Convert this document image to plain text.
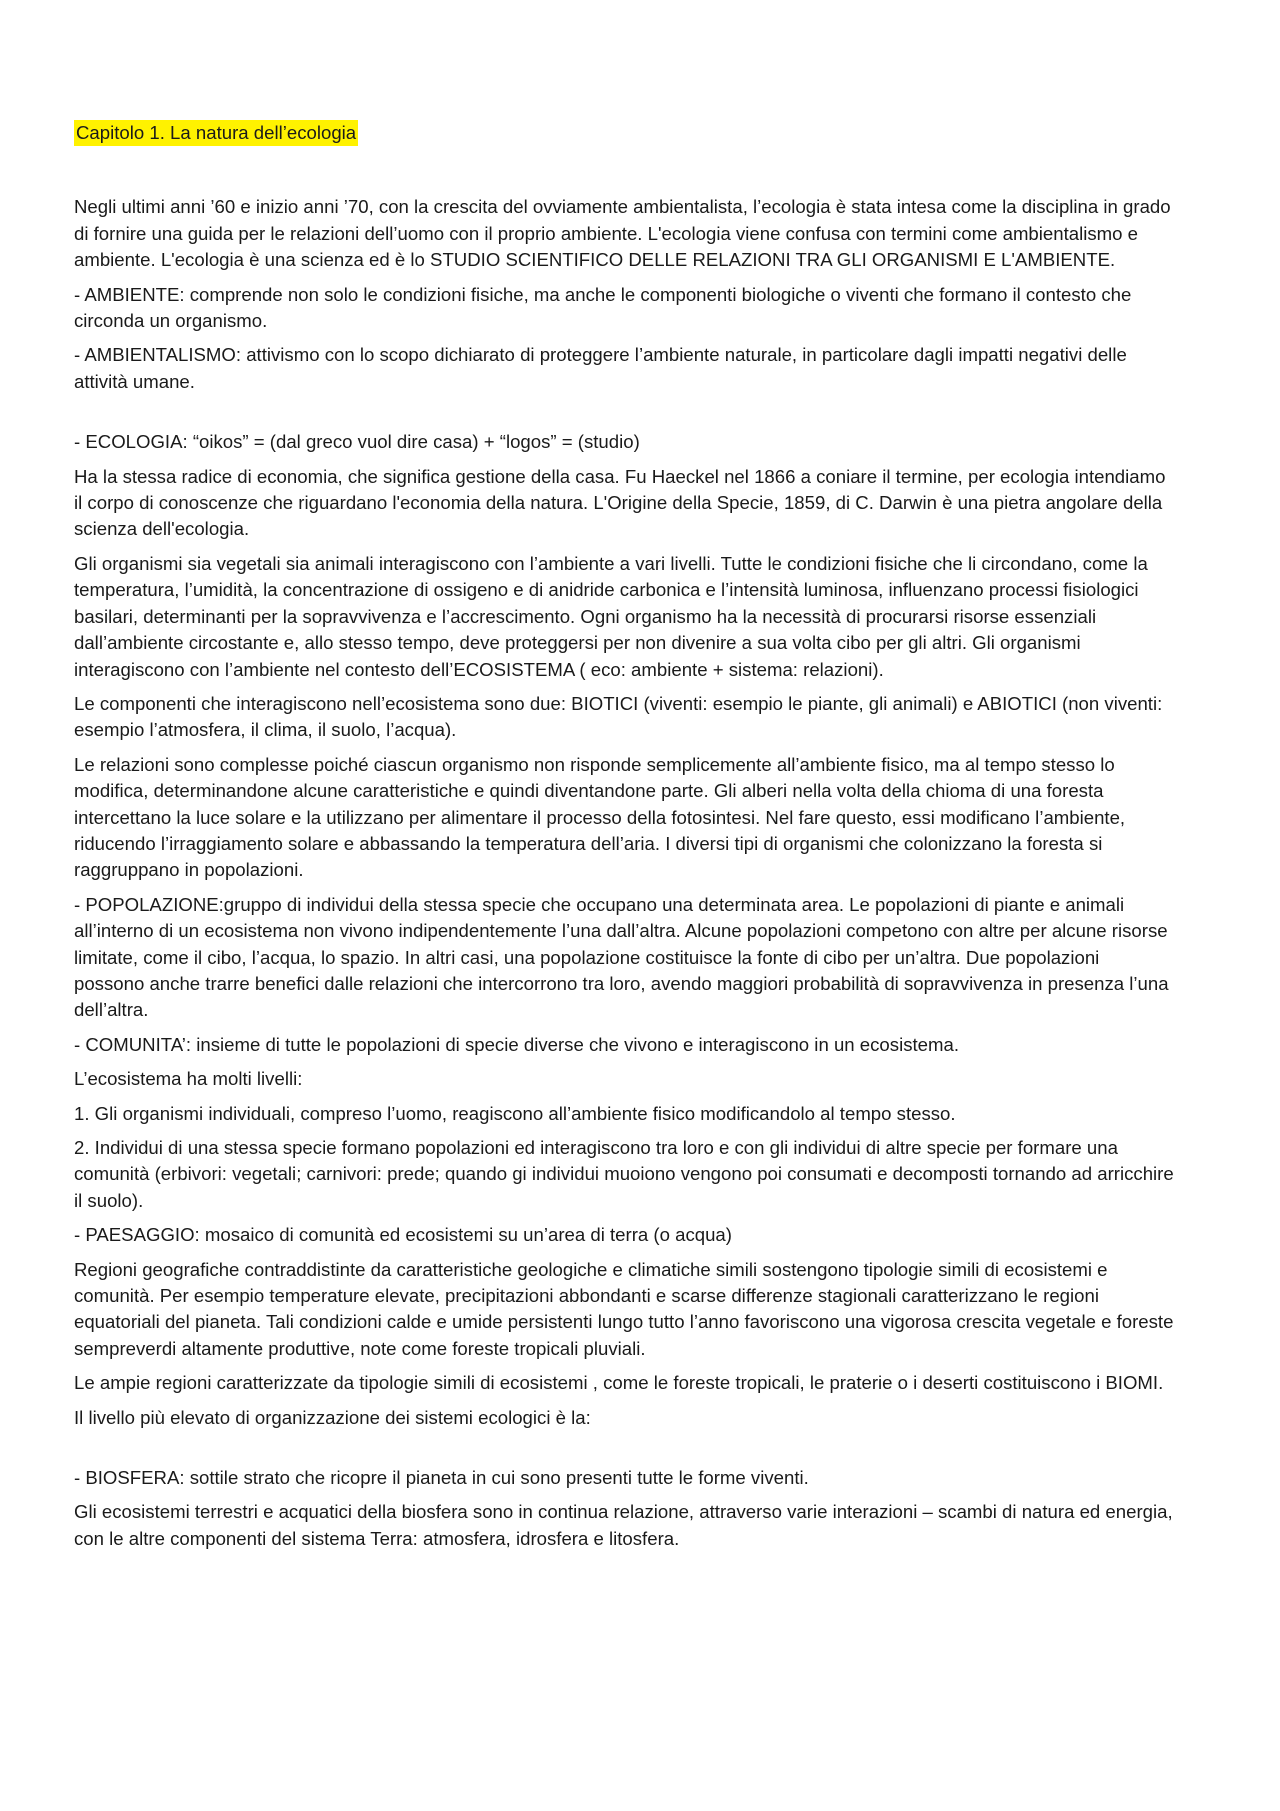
Capitolo 1. La natura dell’ecologia

Negli ultimi anni ’60 e inizio anni ’70, con la crescita del ovviamente ambientalista, l’ecologia è stata intesa come la disciplina in grado di fornire una guida per le relazioni dell’uomo con il proprio ambiente. L'ecologia viene confusa con termini come ambientalismo e ambiente. L'ecologia è una scienza ed è lo STUDIO SCIENTIFICO DELLE RELAZIONI TRA GLI ORGANISMI E L'AMBIENTE.

- AMBIENTE: comprende non solo le condizioni fisiche, ma anche le componenti biologiche o viventi che formano il contesto che circonda un organismo.

- AMBIENTALISMO: attivismo con lo scopo dichiarato di proteggere l’ambiente naturale, in particolare dagli impatti negativi delle attività umane.

- ECOLOGIA: “oikos” = (dal greco vuol dire casa) + “logos” = (studio)

Ha la stessa radice di economia, che significa gestione della casa. Fu Haeckel nel 1866 a coniare il termine, per ecologia intendiamo il corpo di conoscenze che riguardano l'economia della natura. L'Origine della Specie, 1859, di C. Darwin è una pietra angolare della scienza dell'ecologia.

Gli organismi sia vegetali sia animali interagiscono con l’ambiente a vari livelli. Tutte le condizioni fisiche che li circondano, come la temperatura, l’umidità, la concentrazione di ossigeno e di anidride carbonica e l’intensità luminosa, influenzano processi fisiologici basilari, determinanti per la sopravvivenza e l’accrescimento. Ogni organismo ha la necessità di procurarsi risorse essenziali dall’ambiente circostante e, allo stesso tempo, deve proteggersi per non divenire a sua volta cibo per gli altri. Gli organismi interagiscono con l’ambiente nel contesto dell’ECOSISTEMA ( eco: ambiente + sistema: relazioni).

Le componenti che interagiscono nell’ecosistema sono due: BIOTICI (viventi: esempio le piante, gli animali) e ABIOTICI (non viventi: esempio l’atmosfera, il clima, il suolo, l’acqua).

Le relazioni sono complesse poiché ciascun organismo non risponde semplicemente all’ambiente fisico, ma al tempo stesso lo modifica, determinandone alcune caratteristiche e quindi diventandone parte. Gli alberi nella volta della chioma di una foresta intercettano la luce solare e la utilizzano per alimentare il processo della fotosintesi. Nel fare questo, essi modificano l’ambiente, riducendo l’irraggiamento solare e abbassando la temperatura dell’aria. I diversi tipi di organismi che colonizzano la foresta si raggruppano in popolazioni.

- POPOLAZIONE:gruppo di individui della stessa specie che occupano una determinata area. Le popolazioni di piante e animali all’interno di un ecosistema non vivono indipendentemente l’una dall’altra. Alcune popolazioni competono con altre per alcune risorse limitate, come il cibo, l’acqua, lo spazio. In altri casi, una popolazione costituisce la fonte di cibo per un’altra. Due popolazioni possono anche trarre benefici dalle relazioni che intercorrono tra loro, avendo maggiori probabilità di sopravvivenza in presenza l’una dell’altra.

- COMUNITA’: insieme di tutte le popolazioni di specie diverse che vivono e interagiscono in un ecosistema.

L’ecosistema ha molti livelli:

1. Gli organismi individuali, compreso l’uomo, reagiscono all’ambiente fisico modificandolo al tempo stesso.

2. Individui di una stessa specie formano popolazioni ed interagiscono tra loro e con gli individui di altre specie per formare una comunità (erbivori: vegetali; carnivori: prede; quando gi individui muoiono vengono poi consumati e decomposti tornando ad arricchire il suolo).

- PAESAGGIO: mosaico di comunità ed ecosistemi su un’area di terra (o acqua)

Regioni geografiche contraddistinte da caratteristiche geologiche e climatiche simili sostengono tipologie simili di ecosistemi e comunità. Per esempio temperature elevate, precipitazioni abbondanti e scarse differenze stagionali caratterizzano le regioni equatoriali del pianeta. Tali condizioni calde e umide persistenti lungo tutto l’anno favoriscono una vigorosa crescita vegetale e foreste sempreverdi altamente produttive, note come foreste tropicali pluviali.

Le ampie regioni caratterizzate da tipologie simili di ecosistemi , come le foreste tropicali, le praterie o i deserti costituiscono i BIOMI.

Il livello più elevato di organizzazione dei sistemi ecologici è la:

- BIOSFERA: sottile strato che ricopre il pianeta in cui sono presenti tutte le forme viventi.

Gli ecosistemi terrestri e acquatici della biosfera sono in continua relazione, attraverso varie interazioni – scambi di natura ed energia, con le altre componenti del sistema Terra: atmosfera, idrosfera e litosfera.
